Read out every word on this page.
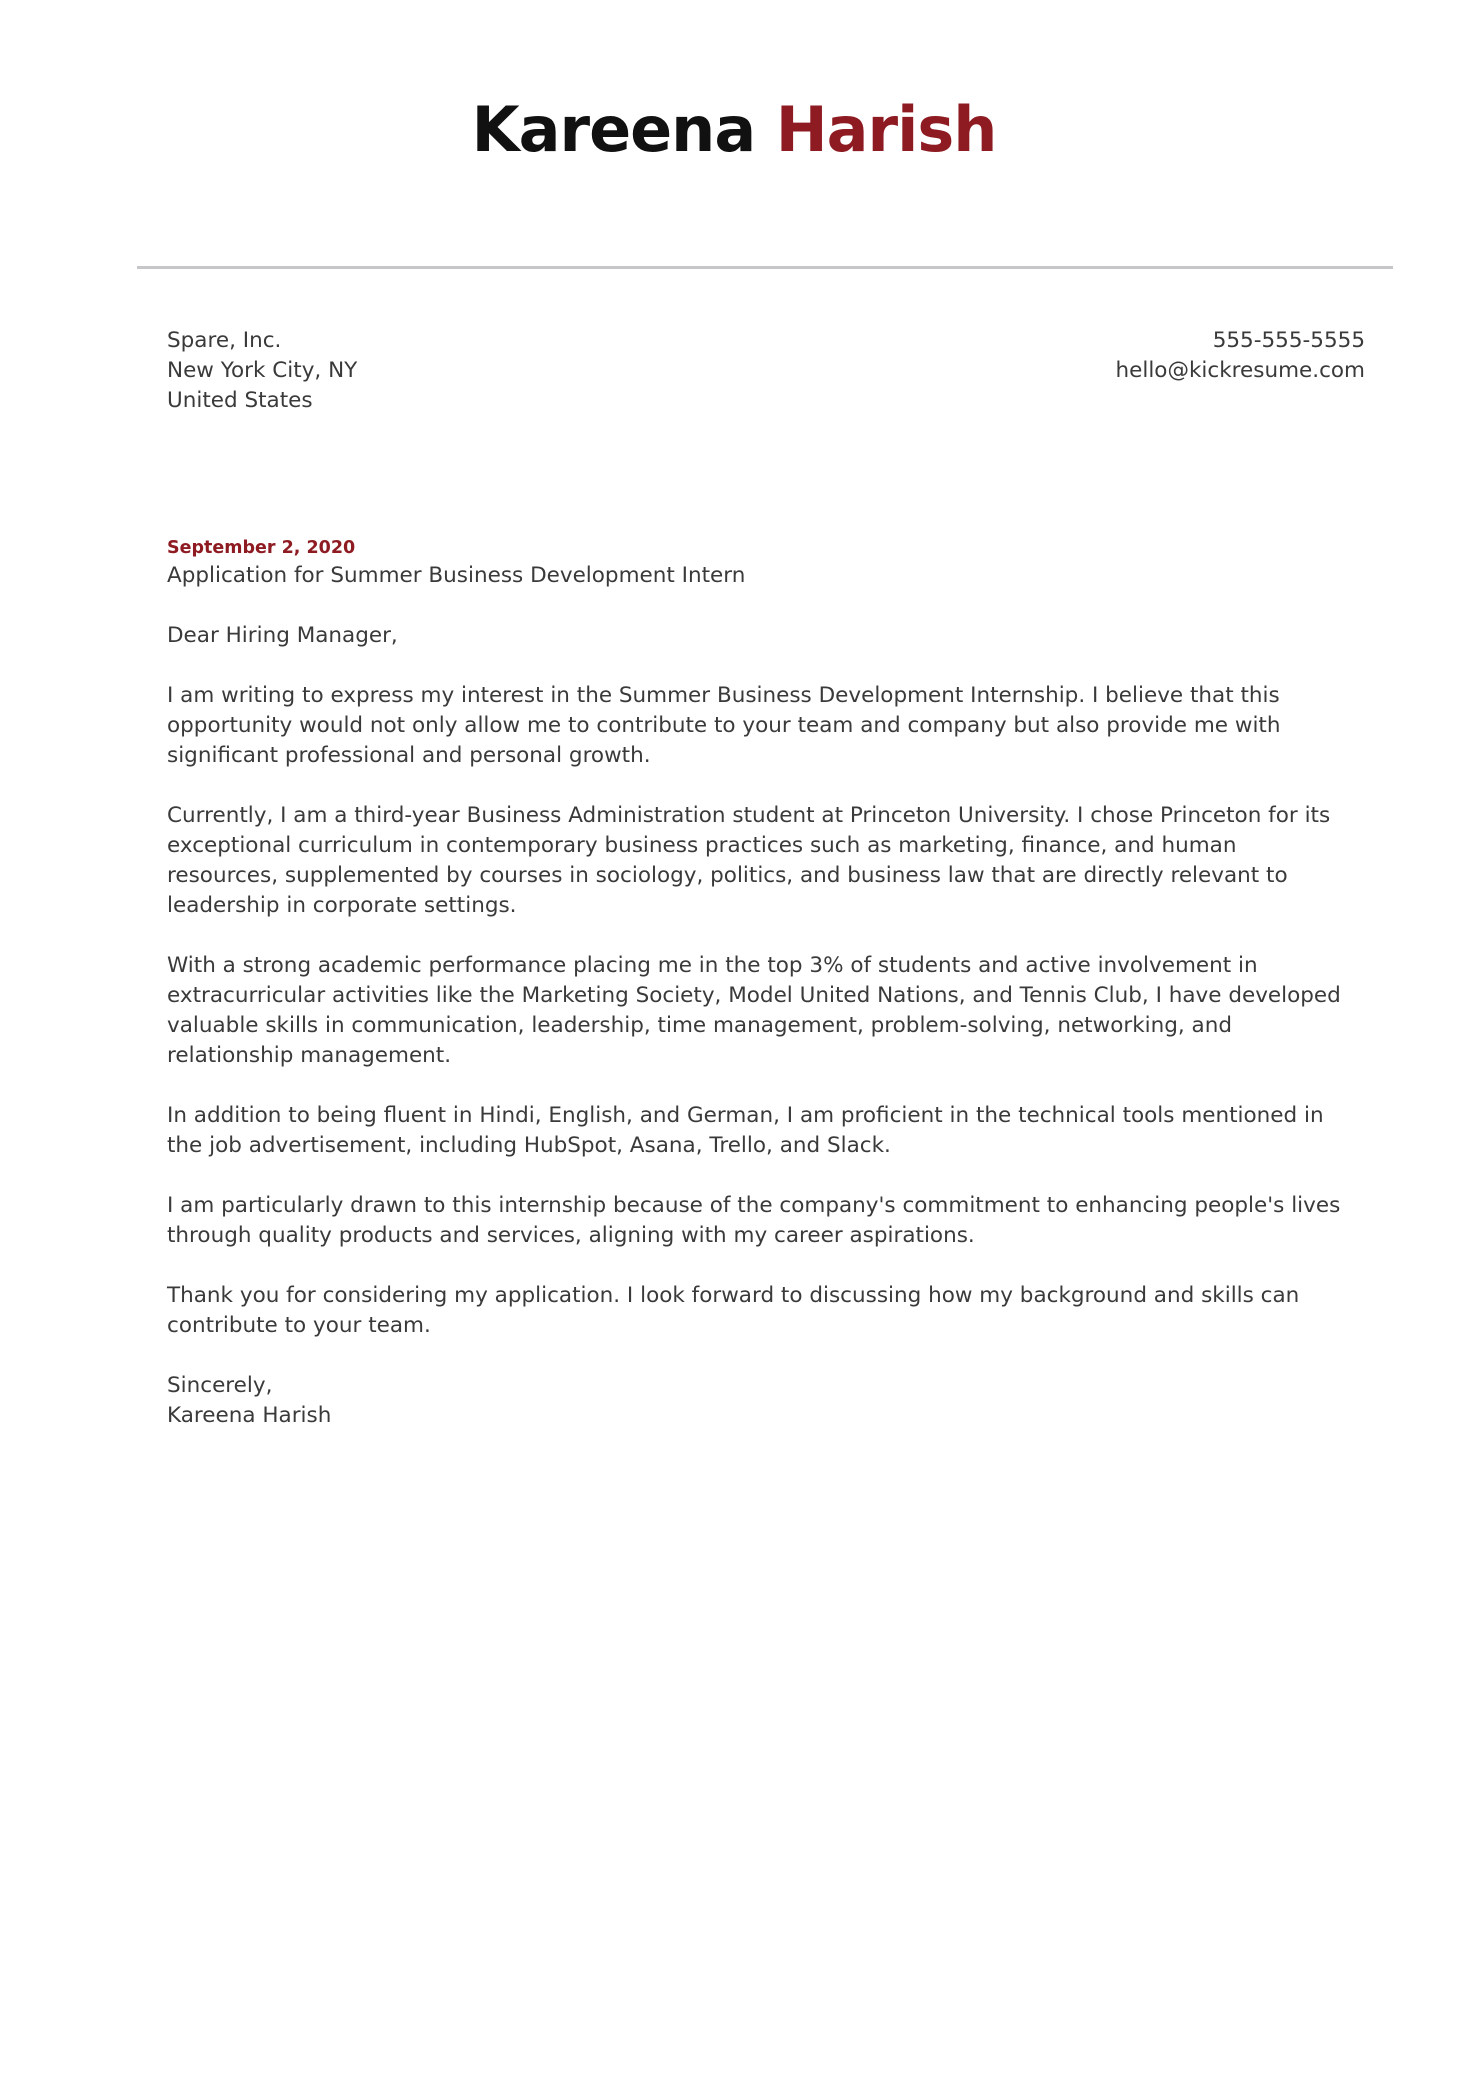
Kareena Harish
Spare, Inc.
New York City, NY
United States
555-555-5555
hello@kickresume.com
September 2, 2020
Application for Summer Business Development Intern
Dear Hiring Manager,
I am writing to express my interest in the Summer Business Development Internship. I believe that this
opportunity would not only allow me to contribute to your team and company but also provide me with
significant professional and personal growth.
Currently, I am a third-year Business Administration student at Princeton University. I chose Princeton for its
exceptional curriculum in contemporary business practices such as marketing, finance, and human
resources, supplemented by courses in sociology, politics, and business law that are directly relevant to
leadership in corporate settings.
With a strong academic performance placing me in the top 3% of students and active involvement in
extracurricular activities like the Marketing Society, Model United Nations, and Tennis Club, I have developed
valuable skills in communication, leadership, time management, problem-solving, networking, and
relationship management.
In addition to being fluent in Hindi, English, and German, I am proficient in the technical tools mentioned in
the job advertisement, including HubSpot, Asana, Trello, and Slack.
I am particularly drawn to this internship because of the company's commitment to enhancing people's lives
through quality products and services, aligning with my career aspirations.
Thank you for considering my application. I look forward to discussing how my background and skills can
contribute to your team.
Sincerely,
Kareena Harish
